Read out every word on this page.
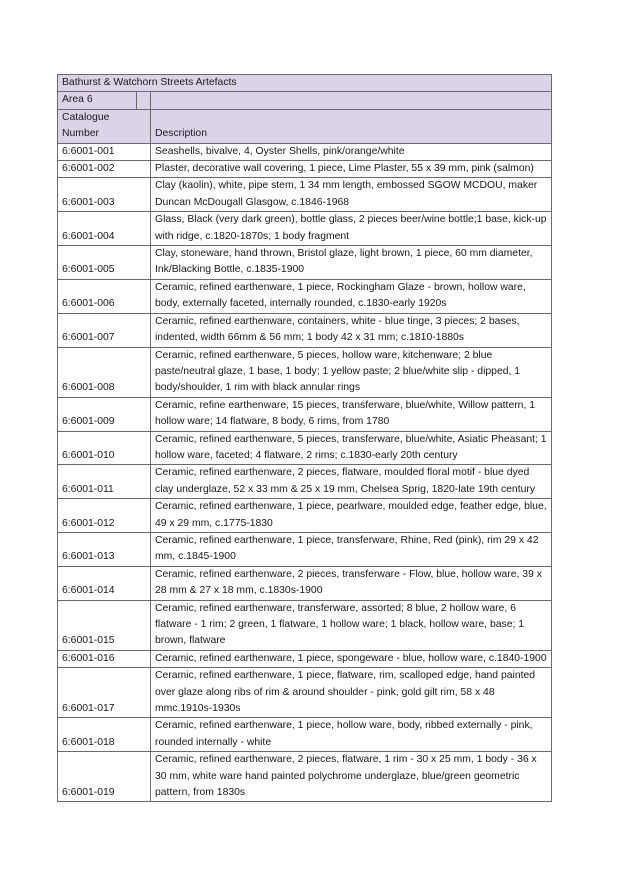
Bathurst & Watchorn Streets Artefacts		
Area 6		
Catalogue
Number		Description
6:6001-001		Seashells, bivalve, 4, Oyster Shells, pink/orange/white
6:6001-002		Plaster, decorative wall covering, 1 piece, Lime Plaster, 55 x 39 mm, pink (salmon)
6:6001-003		Clay (kaolin), white, pipe stem, 1 34 mm length, embossed SGOW MCDOU, maker Duncan McDougall Glasgow, c.1846-1968
6:6001-004		Glass, Black (very dark green), bottle glass, 2 pieces beer/wine bottle;1 base, kick-up with ridge, c.1820-1870s; 1 body fragment
6:6001-005		Clay, stoneware, hand thrown, Bristol glaze, light brown, 1 piece, 60 mm diameter, Ink/Blacking Bottle, c.1835-1900
6:6001-006		Ceramic, refined earthenware, 1 piece, Rockingham Glaze - brown, hollow ware, body, externally faceted, internally rounded, c.1830-early 1920s
6:6001-007		Ceramic, refined earthenware, containers, white - blue tinge, 3 pieces; 2 bases, indented, width 66mm & 56 mm; 1 body 42 x 31 mm; c.1810-1880s
6:6001-008		Ceramic, refined earthenware, 5 pieces, hollow ware, kitchenware; 2 blue paste/neutral glaze, 1 base, 1 body; 1 yellow paste; 2 blue/white slip - dipped, 1 body/shoulder, 1 rim with black annular rings
6:6001-009		Ceramic, refine earthenware, 15 pieces, transferware, blue/white, Willow pattern, 1 hollow ware; 14 flatware, 8 body, 6 rims, from 1780
6:6001-010		Ceramic, refined earthenware, 5 pieces, transferware, blue/white, Asiatic Pheasant; 1 hollow ware, faceted; 4 flatware, 2 rims; c.1830-early 20th century
6:6001-011		Ceramic, refined earthenware, 2 pieces, flatware, moulded floral motif - blue dyed clay underglaze, 52 x 33 mm & 25 x 19 mm, Chelsea Sprig, 1820-late 19th century
6:6001-012		Ceramic, refined earthenware, 1 piece, pearlware, moulded edge, feather edge, blue, 49 x 29 mm, c.1775-1830
6:6001-013		Ceramic, refined earthenware, 1 piece, transferware, Rhine, Red (pink), rim 29 x 42 mm, c.1845-1900
6:6001-014		Ceramic, refined earthenware, 2 pieces, transferware - Flow, blue, hollow ware, 39 x 28 mm & 27 x 18 mm, c.1830s-1900
6:6001-015		Ceramic, refined earthenware, transferware, assorted; 8 blue, 2 hollow ware, 6 flatware - 1 rim; 2 green, 1 flatware, 1 hollow ware; 1 black, hollow ware, base; 1 brown, flatware
6:6001-016		Ceramic, refined earthenware, 1 piece, spongeware - blue, hollow ware, c.1840-1900
6:6001-017		Ceramic, refined earthenware, 1 piece, flatware, rim, scalloped edge, hand painted over glaze along ribs of rim & around shoulder - pink, gold gilt rim, 58 x 48 mmc.1910s-1930s
6:6001-018		Ceramic, refined earthenware, 1 piece, hollow ware, body, ribbed externally - pink, rounded internally - white
6:6001-019		Ceramic, refined earthenware, 2 pieces, flatware, 1 rim - 30 x 25 mm, 1 body - 36 x 30 mm, white ware hand painted polychrome underglaze, blue/green geometric pattern, from 1830s
